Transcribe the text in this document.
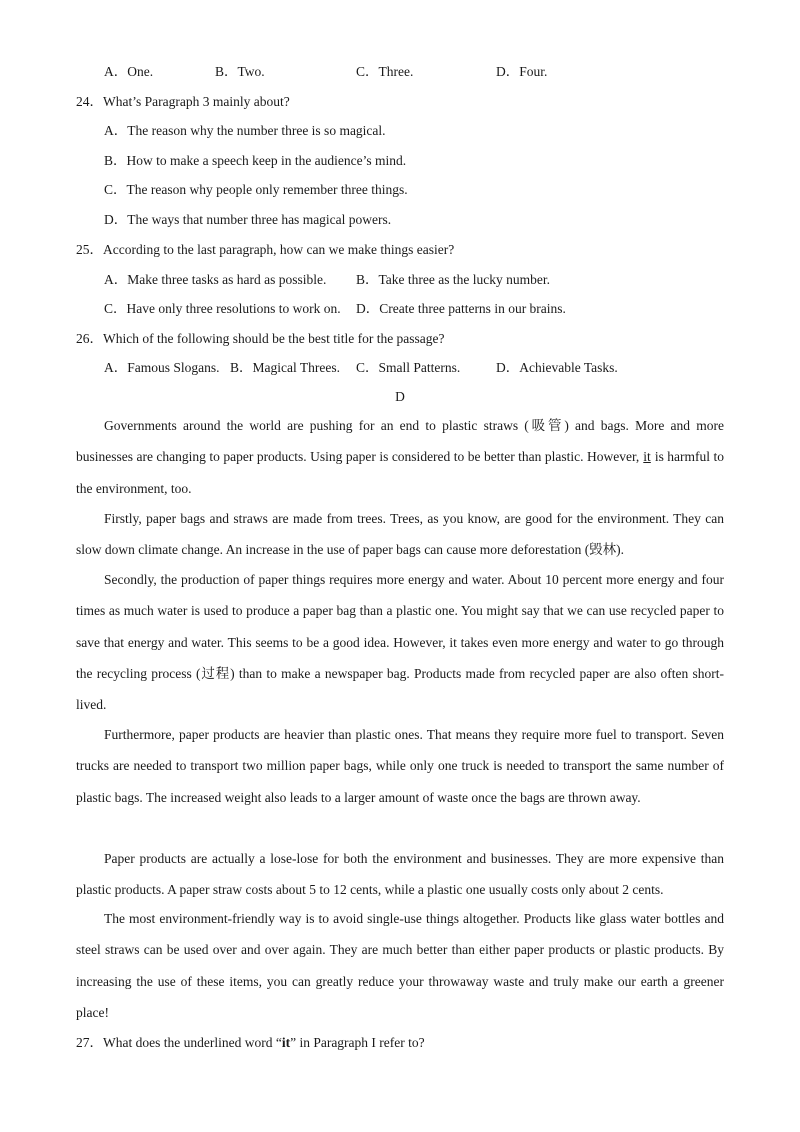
A．One.	B．Two.	C．Three.	D．Four.
24．What’s Paragraph 3 mainly about?
A．The reason why the number three is so magical.
B．How to make a speech keep in the audience’s mind.
C．The reason why people only remember three things.
D．The ways that number three has magical powers.
25．According to the last paragraph, how can we make things easier?
A．Make three tasks as hard as possible. B．Take three as the lucky number.
C．Have only three resolutions to work on. D．Create three patterns in our brains.
26．Which of the following should be the best title for the passage?
A．Famous Slogans. B．Magical Threes. C．Small Patterns.	D．Achievable Tasks.
D

Governments around the world are pushing for an end to plastic straws (吸管) and bags. More and more businesses are changing to paper products. Using paper is considered to be better than plastic. However, it is harmful to the environment, too.

Firstly, paper bags and straws are made from trees. Trees, as you know, are good for the environment. They can slow down climate change. An increase in the use of paper bags can cause more deforestation (毁林).

Secondly, the production of paper things requires more energy and water. About 10 percent more energy and four times as much water is used to produce a paper bag than a plastic one. You might say that we can use recycled paper to save that energy and water. This seems to be a good idea. However, it takes even more energy and water to go through the recycling process (过程) than to make a newspaper bag. Products made from recycled paper are also often short-lived.

Furthermore, paper products are heavier than plastic ones. That means they require more fuel to transport. Seven trucks are needed to transport two million paper bags, while only one truck is needed to transport the same number of plastic bags. The increased weight also leads to a larger amount of waste once the bags are thrown away.

Paper products are actually a lose-lose for both the environment and businesses. They are more expensive than plastic products. A paper straw costs about 5 to 12 cents, while a plastic one usually costs only about 2 cents.

The most environment-friendly way is to avoid single-use things altogether. Products like glass water bottles and steel straws can be used over and over again. They are much better than either paper products or plastic products. By increasing the use of these items, you can greatly reduce your throwaway waste and truly make our earth a greener place!

27．What does the underlined word “it” in Paragraph I refer to?
